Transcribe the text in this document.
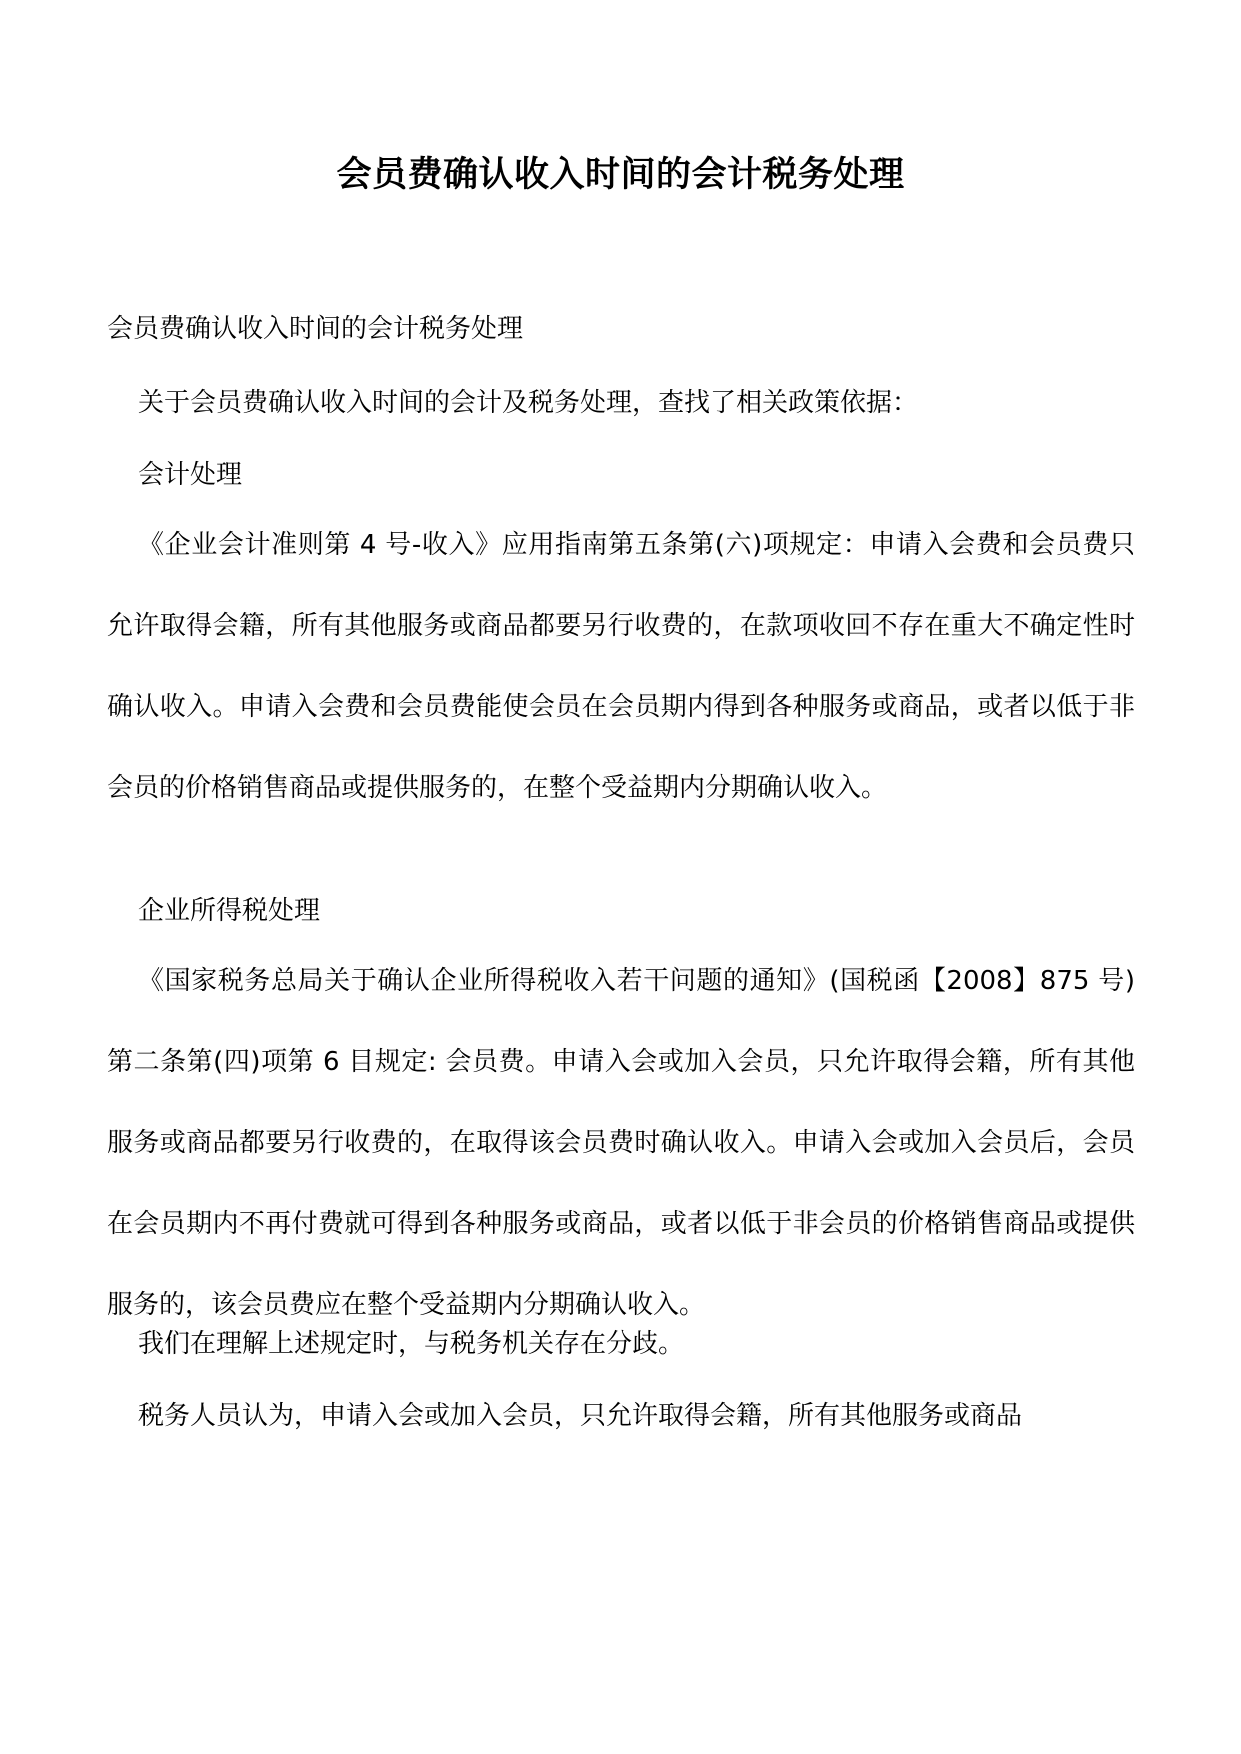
会员费确认收入时间的会计税务处理

会员费确认收入时间的会计税务处理

关于会员费确认收入时间的会计及税务处理，查找了相关政策依据：

会计处理

《企业会计准则第 4 号-收入》应用指南第五条第(六)项规定：申请入会费和会员费只允许取得会籍，所有其他服务或商品都要另行收费的，在款项收回不存在重大不确定性时确认收入。申请入会费和会员费能使会员在会员期内得到各种服务或商品，或者以低于非会员的价格销售商品或提供服务的，在整个受益期内分期确认收入。

企业所得税处理

《国家税务总局关于确认企业所得税收入若干问题的通知》(国税函【2008】875 号)第二条第(四)项第 6 目规定: 会员费。申请入会或加入会员，只允许取得会籍，所有其他服务或商品都要另行收费的，在取得该会员费时确认收入。申请入会或加入会员后，会员在会员期内不再付费就可得到各种服务或商品，或者以低于非会员的价格销售商品或提供服务的，该会员费应在整个受益期内分期确认收入。

我们在理解上述规定时，与税务机关存在分歧。

税务人员认为，申请入会或加入会员，只允许取得会籍，所有其他服务或商品
